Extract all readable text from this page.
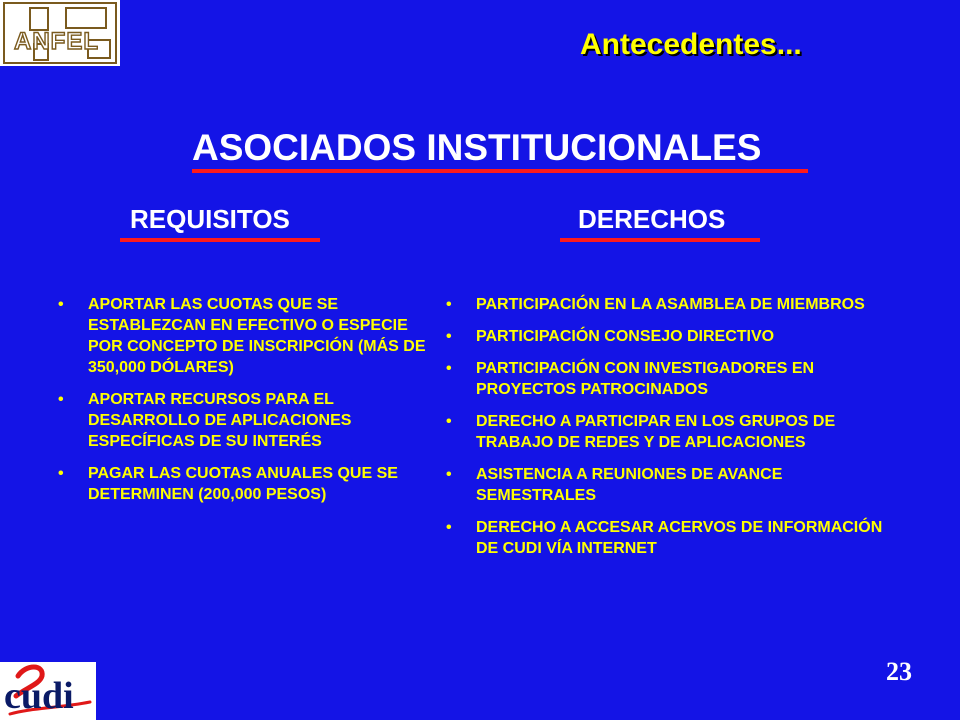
ANFEL	Antecedentes...
ASOCIADOS INSTITUCIONALES
REQUISITOS	DERECHOS
•	APORTAR LAS CUOTAS QUE SE ESTABLEZCAN EN EFECTIVO O ESPECIE POR CONCEPTO DE INSCRIPCIÓN (MÁS DE 350,000 DÓLARES)
•	APORTAR RECURSOS PARA EL DESARROLLO DE APLICACIONES ESPECÍFICAS DE SU INTERÉS
•	PAGAR LAS CUOTAS ANUALES QUE SE DETERMINEN (200,000 PESOS)
•	PARTICIPACIÓN EN LA ASAMBLEA DE MIEMBROS
•	PARTICIPACIÓN CONSEJO DIRECTIVO
•	PARTICIPACIÓN CON INVESTIGADORES EN PROYECTOS PATROCINADOS
•	DERECHO A PARTICIPAR EN LOS GRUPOS DE TRABAJO DE REDES Y DE APLICACIONES
•	ASISTENCIA A REUNIONES DE AVANCE SEMESTRALES
•	DERECHO A ACCESAR ACERVOS DE INFORMACIÓN DE CUDI VÍA INTERNET
cudi
23
